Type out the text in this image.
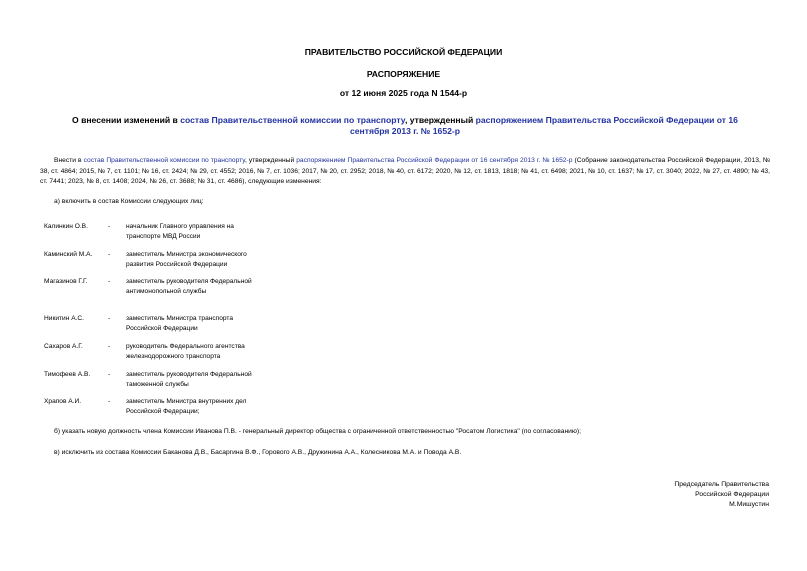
ПРАВИТЕЛЬСТВО РОССИЙСКОЙ ФЕДЕРАЦИИ
РАСПОРЯЖЕНИЕ
от 12 июня 2025 года N 1544-р
О внесении изменений в состав Правительственной комиссии по транспорту, утвержденный распоряжением Правительства Российской Федерации от 16 сентября 2013 г. № 1652-р
Внести в состав Правительственной комиссии по транспорту, утвержденный распоряжением Правительства Российской Федерации от 16 сентября 2013 г. № 1652-р (Собрание законодательства Российской Федерации, 2013, № 38, ст. 4864; 2015, № 7, ст. 1101; № 16, ст. 2424; № 29, ст. 4552; 2016, № 7, ст. 1036; 2017, № 20, ст. 2952; 2018, № 40, ст. 6172; 2020, № 12, ст. 1813, 1818; № 41, ст. 6498; 2021, № 10, ст. 1637; № 17, ст. 3040; 2022, № 27, ст. 4890; № 43, ст. 7441; 2023, № 8, ст. 1408; 2024, № 26, ст. 3688; № 31, ст. 4686), следующие изменения:
а) включить в состав Комиссии следующих лиц:
Калинкин О.В.	- начальник Главного управления на транспорте МВД России
Каминский М.А. - заместитель Министра экономического развития Российской Федерации
Магазинов Г.Г.	- заместитель руководителя Федеральной антимонопольной службы
Никитин А.С.	- заместитель Министра транспорта Российской Федерации
Сахаров А.Г.	- руководитель Федерального агентства железнодорожного транспорта
Тимофеев А.В.	- заместитель руководителя Федеральной таможенной службы
Храпов А.И.	- заместитель Министра внутренних дел Российской Федерации;
б) указать новую должность члена Комиссии Иванова П.В. - генеральный директор общества с ограниченной ответственностью "Росатом Логистика" (по согласованию);
в) исключить из состава Комиссии Баканова Д.В., Басаргина В.Ф., Горового А.В., Дружинина А.А., Колесникова М.А. и Повода А.В.
Председатель Правительства
Российской Федерации
М.Мишустин
